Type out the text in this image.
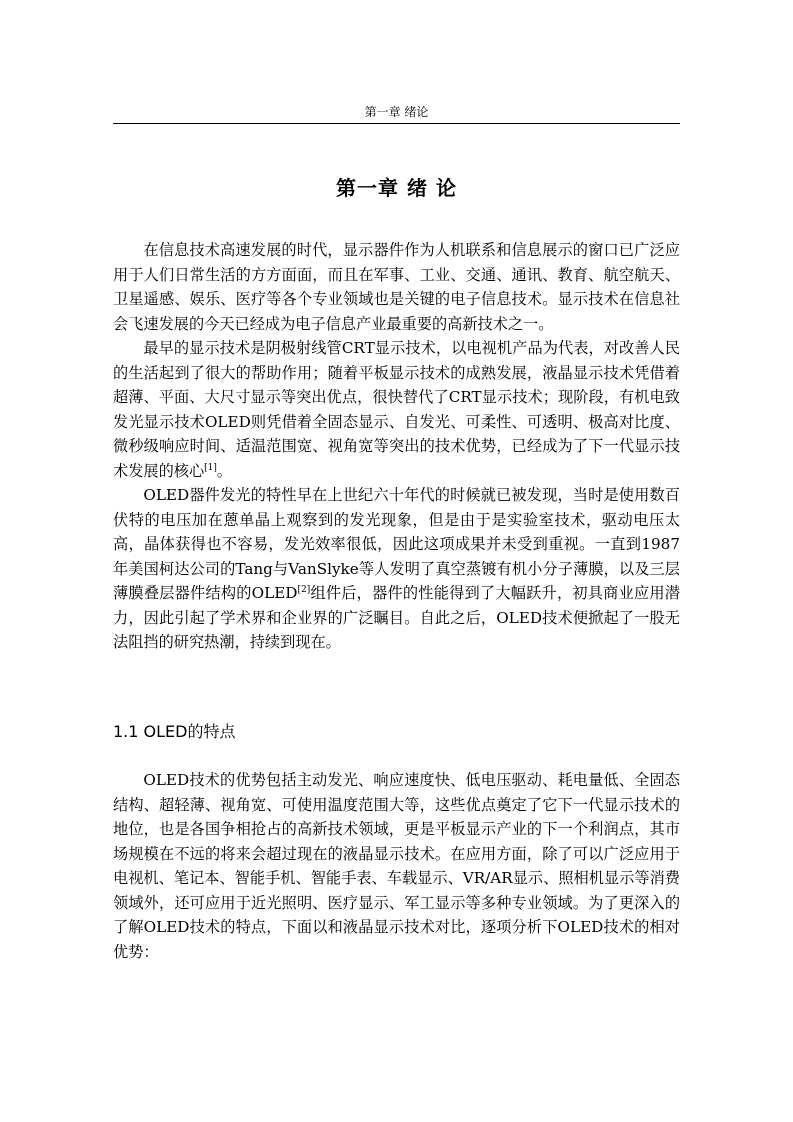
第一章 绪论
第一章 绪 论

在信息技术高速发展的时代，显示器件作为人机联系和信息展示的窗口已广泛应用于人们日常生活的方方面面，而且在军事、工业、交通、通讯、教育、航空航天、卫星遥感、娱乐、医疗等各个专业领域也是关键的电子信息技术。显示技术在信息社会飞速发展的今天已经成为电子信息产业最重要的高新技术之一。

最早的显示技术是阴极射线管CRT显示技术，以电视机产品为代表，对改善人民的生活起到了很大的帮助作用；随着平板显示技术的成熟发展，液晶显示技术凭借着超薄、平面、大尺寸显示等突出优点，很快替代了CRT显示技术；现阶段，有机电致发光显示技术OLED则凭借着全固态显示、自发光、可柔性、可透明、极高对比度、微秒级响应时间、适温范围宽、视角宽等突出的技术优势，已经成为了下一代显示技术发展的核心[1]。

OLED器件发光的特性早在上世纪六十年代的时候就已被发现，当时是使用数百伏特的电压加在蒽单晶上观察到的发光现象，但是由于是实验室技术，驱动电压太高，晶体获得也不容易，发光效率很低，因此这项成果并未受到重视。一直到1987年美国柯达公司的Tang与VanSlyke等人发明了真空蒸镀有机小分子薄膜，以及三层薄膜叠层器件结构的OLED[2]组件后，器件的性能得到了大幅跃升，初具商业应用潜力，因此引起了学术界和企业界的广泛瞩目。自此之后，OLED技术便掀起了一股无法阻挡的研究热潮，持续到现在。

1.1 OLED的特点

OLED技术的优势包括主动发光、响应速度快、低电压驱动、耗电量低、全固态结构、超轻薄、视角宽、可使用温度范围大等，这些优点奠定了它下一代显示技术的地位，也是各国争相抢占的高新技术领域，更是平板显示产业的下一个利润点，其市场规模在不远的将来会超过现在的液晶显示技术。在应用方面，除了可以广泛应用于电视机、笔记本、智能手机、智能手表、车载显示、VR/AR显示、照相机显示等消费领域外，还可应用于近光照明、医疗显示、军工显示等多种专业领域。为了更深入的了解OLED技术的特点，下面以和液晶显示技术对比，逐项分析下OLED技术的相对优势：
